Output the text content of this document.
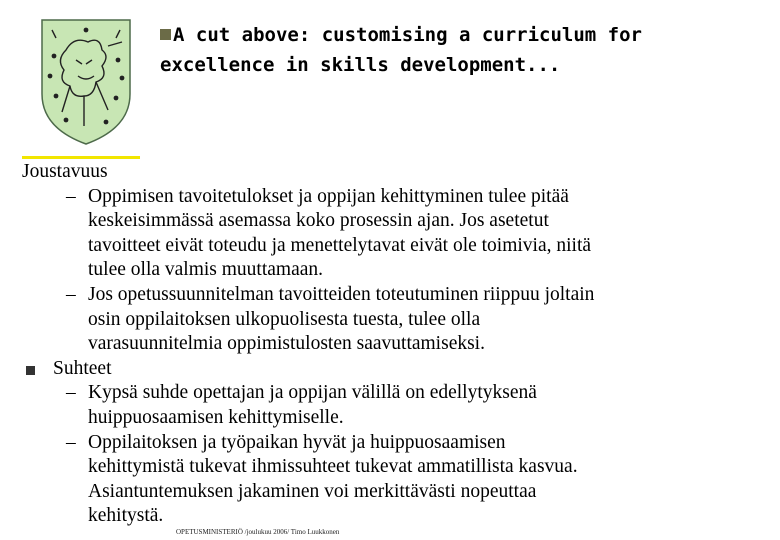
A cut above: customising a curriculum for
excellence in skills development...
Joustavuus
– Oppimisen tavoitetulokset ja oppijan kehittyminen tulee pitää
keskeisimmässä asemassa koko prosessin ajan. Jos asetetut
tavoitteet eivät toteudu ja menettelytavat eivät ole toimivia, niitä
tulee olla valmis muuttamaan.
– Jos opetussuunnitelman tavoitteiden toteutuminen riippuu joltain
osin oppilaitoksen ulkopuolisesta tuesta, tulee olla
varasuunnitelmia oppimistulosten saavuttamiseksi.
Suhteet
– Kypsä suhde opettajan ja oppijan välillä on edellytyksenä
huippuosaamisen kehittymiselle.
– Oppilaitoksen ja työpaikan hyvät ja huippuosaamisen
kehittymistä tukevat ihmissuhteet tukevat ammatillista kasvua.
Asiantuntemuksen jakaminen voi merkittävästi nopeuttaa
kehitystä.
OPETUSMINISTERIÖ /joulukuu 2006/ Timo Luukkonen
